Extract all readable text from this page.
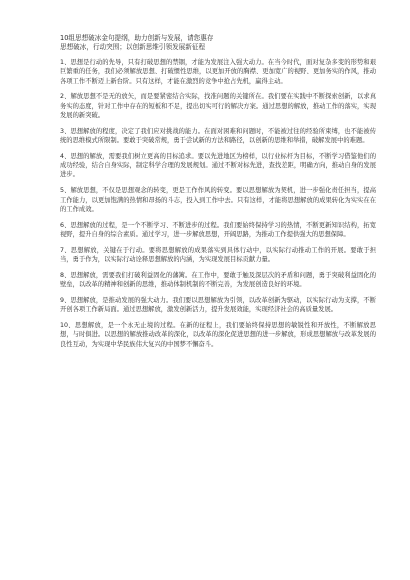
10组思想破冰金句提纲，助力创新与发展，请您惠存
思想破冰，行动突围；以创新思维引领发展新征程

1、思想是行动的先导，只有打破思想的禁锢，才能为发展注入强大动力。在当今时代，面对复杂多变的形势和艰巨繁重的任务，我们必须解放思想、打破惯性思维，以更加开放的胸襟、更加宽广的视野、更加务实的作风，推动各项工作不断迈上新台阶。只有这样，才能在激烈的竞争中抢占先机，赢得主动。

2、解放思想不是无的放矢，而是要紧密结合实际，找准问题的关键所在。我们要在实践中不断探索创新，以求真务实的态度，针对工作中存在的短板和不足，提出切实可行的解决方案。通过思想的解放，推动工作的落实，实现发展的新突破。

3、思想解放的程度，决定了我们应对挑战的能力。在面对困难和问题时，不能被过往的经验所束缚，也不能被传统的思维模式所限制。要敢于突破常规，勇于尝试新的方法和路径，以创新的思维和举措，破解发展中的难题。

4、思想的解放，需要我们树立更高的目标追求。要以先进地区为榜样，以行业标杆为目标，不断学习借鉴他们的成功经验，结合自身实际，制定科学合理的发展规划。通过不断对标先进，查找差距，明确方向，推动自身的发展进步。

5、解放思想，不仅是思想观念的转变，更是工作作风的转变。要以思想解放为契机，进一步强化责任担当，提高工作能力，以更加饱满的热情和昂扬的斗志，投入到工作中去。只有这样，才能将思想解放的成果转化为实实在在的工作成效。

6、思想解放的过程，是一个不断学习、不断进步的过程。我们要始终保持学习的热情，不断更新知识结构，拓宽视野，提升自身的综合素质。通过学习，进一步解放思想，开阔思路，为推动工作提供强大的思想保障。

7、思想解放，关键在于行动。要将思想解放的成果落实到具体行动中，以实际行动推动工作的开展。要敢于担当，勇于作为，以实际行动诠释思想解放的内涵，为实现发展目标贡献力量。

8、思想解放，需要我们打破利益固化的藩篱。在工作中，要敢于触及深层次的矛盾和问题，勇于突破利益固化的壁垒，以改革的精神和创新的思维，推动体制机制的不断完善，为发展创造良好的环境。

9、思想解放，是推动发展的强大动力。我们要以思想解放为引领，以改革创新为驱动，以实际行动为支撑，不断开创各项工作新局面。通过思想解放，激发创新活力，提升发展效能，实现经济社会的高质量发展。

10、思想解放，是一个永无止境的过程。在新的征程上，我们要始终保持思想的敏锐性和开放性，不断解放思想，与时俱进。以思想的解放推动改革的深化，以改革的深化促进思想的进一步解放，形成思想解放与改革发展的良性互动，为实现中华民族伟大复兴的中国梦不懈奋斗。
